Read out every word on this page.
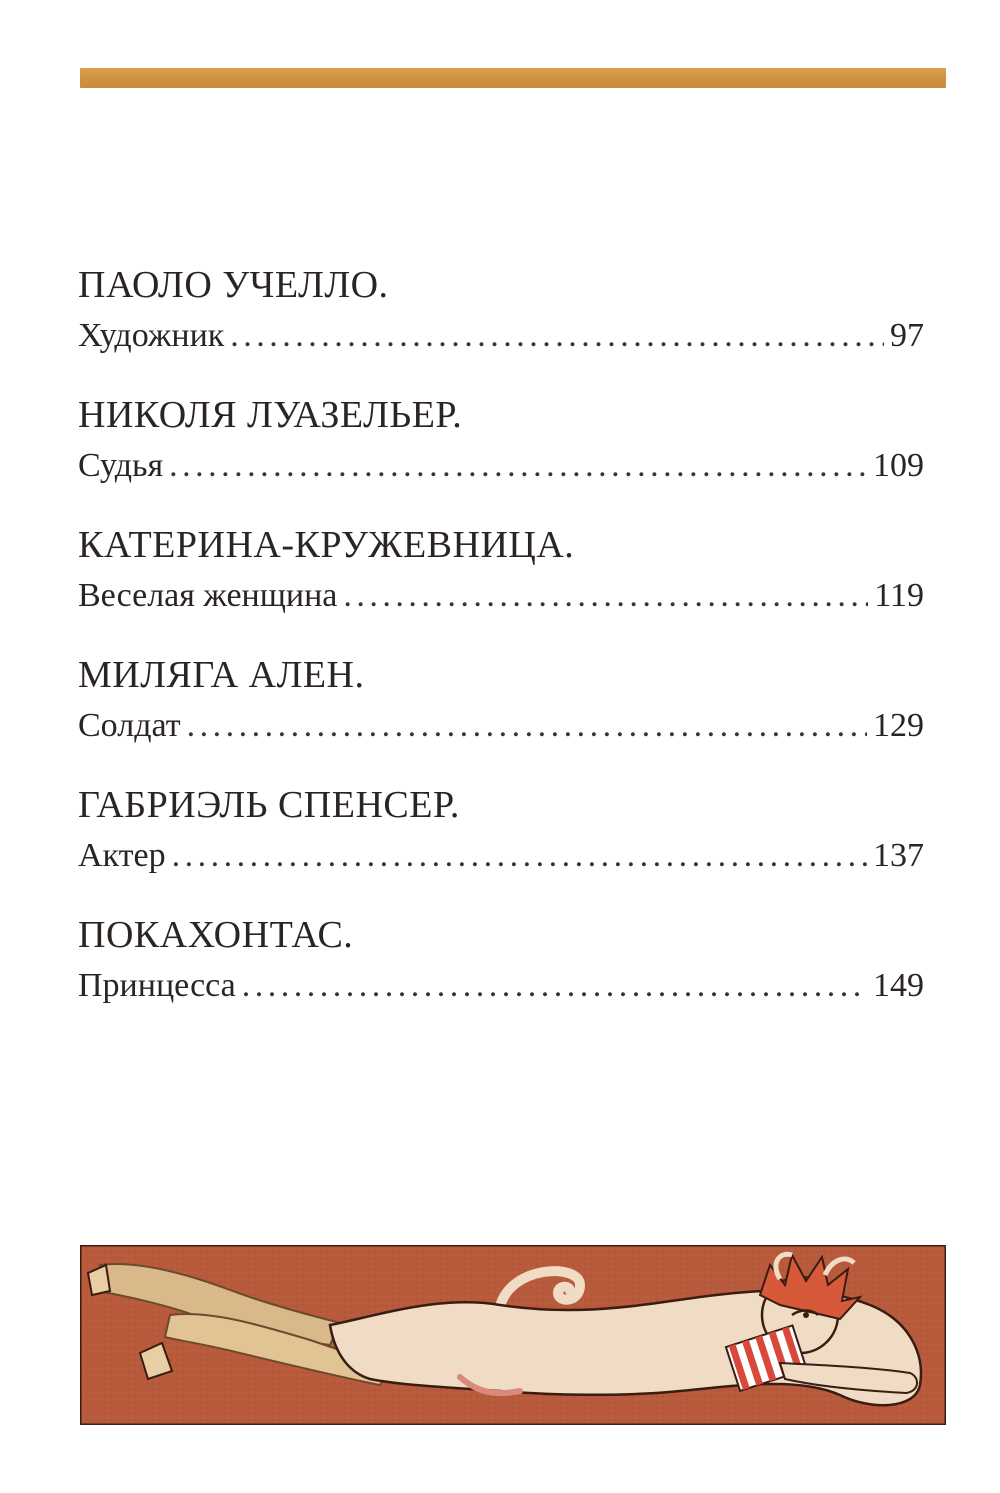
ПАОЛО УЧЕЛЛО.
Художник . . .	97
НИКОЛЯ ЛУАЗЕЛЬЕР.
Судья . . .	109
КАТЕРИНА-КРУЖЕВНИЦА.
Веселая женщина . . .	119
МИЛЯГА АЛЕН.
Солдат . . .	129
ГАБРИЭЛЬ СПЕНСЕР.
Актер . . .	137
ПОКАХОНТАС.
Принцесса . . .	149
